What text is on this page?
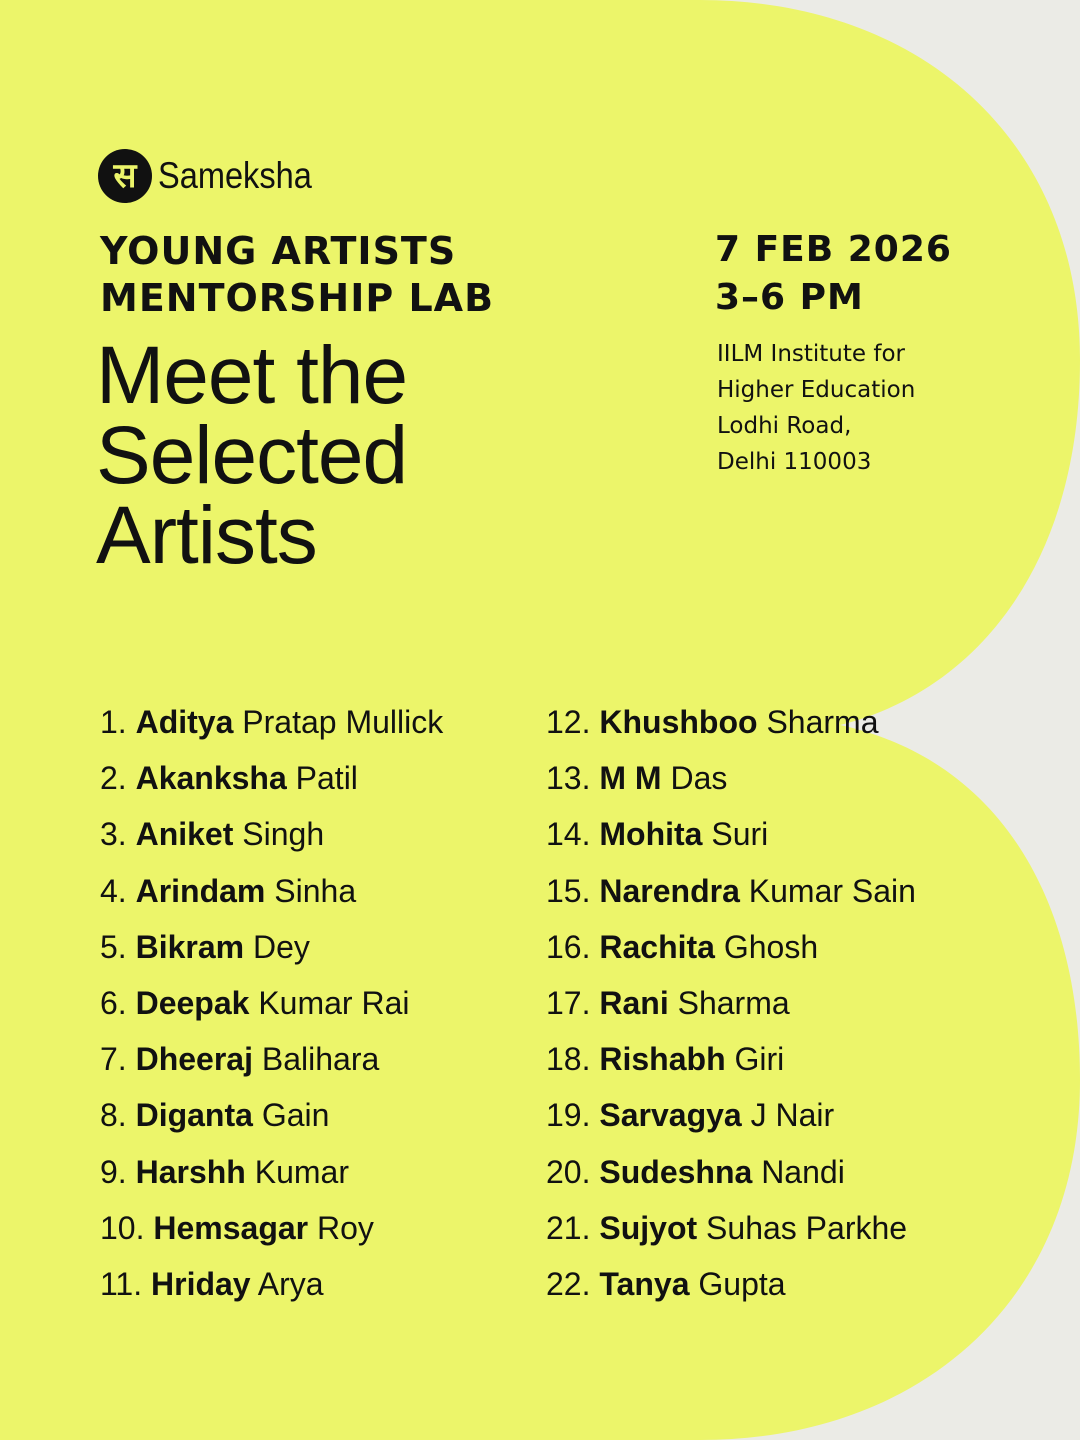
स Sameksha
YOUNG ARTISTS
MENTORSHIP LAB
Meet the
Selected
Artists
7 FEB 2026
3–6 PM
IILM Institute for
Higher Education
Lodhi Road,
Delhi 110003
1. Aditya Pratap Mullick
2. Akanksha Patil
3. Aniket Singh
4. Arindam Sinha
5. Bikram Dey
6. Deepak Kumar Rai
7. Dheeraj Balihara
8. Diganta Gain
9. Harshh Kumar
10. Hemsagar Roy
11. Hriday Arya
12. Khushboo Sharma
13. M M Das
14. Mohita Suri
15. Narendra Kumar Sain
16. Rachita Ghosh
17. Rani Sharma
18. Rishabh Giri
19. Sarvagya J Nair
20. Sudeshna Nandi
21. Sujyot Suhas Parkhe
22. Tanya Gupta
